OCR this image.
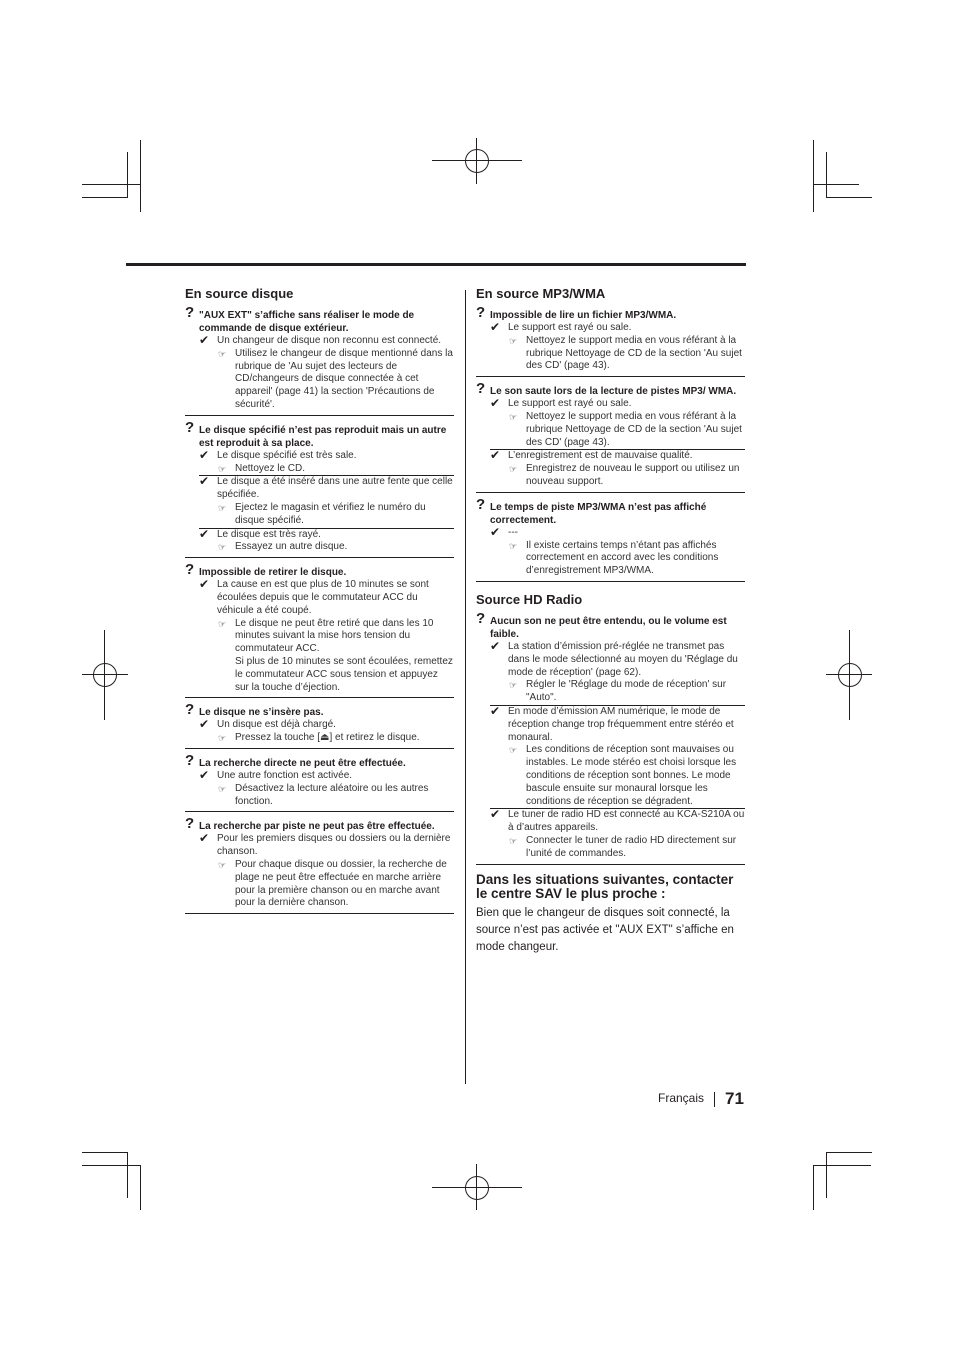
En source disque
? "AUX EXT" s’affiche sans réaliser le mode de commande de disque extérieur.
✔ Un changeur de disque non reconnu est connecté.
☞ Utilisez le changeur de disque mentionné dans la rubrique de 'Au sujet des lecteurs de CD/changeurs de disque connectée à cet appareil' (page 41) la section 'Précautions de sécurité'.
? Le disque spécifié n’est pas reproduit mais un autre est reproduit à sa place.
✔ Le disque spécifié est très sale.
☞ Nettoyez le CD.
✔ Le disque a été inséré dans une autre fente que celle spécifiée.
☞ Ejectez le magasin et vérifiez le numéro du disque spécifié.
✔ Le disque est très rayé.
☞ Essayez un autre disque.
? Impossible de retirer le disque.
✔ La cause en est que plus de 10 minutes se sont écoulées depuis que le commutateur ACC du véhicule a été coupé.
☞ Le disque ne peut être retiré que dans les 10 minutes suivant la mise hors tension du commutateur ACC.
Si plus de 10 minutes se sont écoulées, remettez le commutateur ACC sous tension et appuyez sur la touche d’éjection.
? Le disque ne s’insère pas.
✔ Un disque est déjà chargé.
☞ Pressez la touche [⏏] et retirez le disque.
? La recherche directe ne peut être effectuée.
✔ Une autre fonction est activée.
☞ Désactivez la lecture aléatoire ou les autres fonction.
? La recherche par piste ne peut pas être effectuée.
✔ Pour les premiers disques ou dossiers ou la dernière chanson.
☞ Pour chaque disque ou dossier, la recherche de plage ne peut être effectuée en marche arrière pour la première chanson ou en marche avant pour la dernière chanson.
En source MP3/WMA
? Impossible de lire un fichier MP3/WMA.
✔ Le support est rayé ou sale.
☞ Nettoyez le support media en vous référant à la rubrique Nettoyage de CD de la section 'Au sujet des CD' (page 43).
? Le son saute lors de la lecture de pistes MP3/ WMA.
✔ Le support est rayé ou sale.
☞ Nettoyez le support media en vous référant à la rubrique Nettoyage de CD de la section 'Au sujet des CD' (page 43).
✔ L’enregistrement est de mauvaise qualité.
☞ Enregistrez de nouveau le support ou utilisez un nouveau support.
? Le temps de piste MP3/WMA n’est pas affiché correctement.
✔ ---
☞ Il existe certains temps n’étant pas affichés correctement en accord avec les conditions d’enregistrement MP3/WMA.
Source HD Radio
? Aucun son ne peut être entendu, ou le volume est faible.
✔ La station d’émission pré-réglée ne transmet pas dans le mode sélectionné au moyen du 'Réglage du mode de réception' (page 62).
☞ Régler le 'Réglage du mode de réception' sur "Auto".
✔ En mode d’émission AM numérique, le mode de réception change trop fréquemment entre stéréo et monaural.
☞ Les conditions de réception sont mauvaises ou instables. Le mode stéréo est choisi lorsque les conditions de réception sont bonnes. Le mode bascule ensuite sur monaural lorsque les conditions de réception se dégradent.
✔ Le tuner de radio HD est connecté au KCA-S210A ou à d’autres appareils.
☞ Connecter le tuner de radio HD directement sur l’unité de commandes.
Dans les situations suivantes, contacter le centre SAV le plus proche :
Bien que le changeur de disques soit connecté, la source n’est pas activée et "AUX EXT" s’affiche en mode changeur.
Français 71
